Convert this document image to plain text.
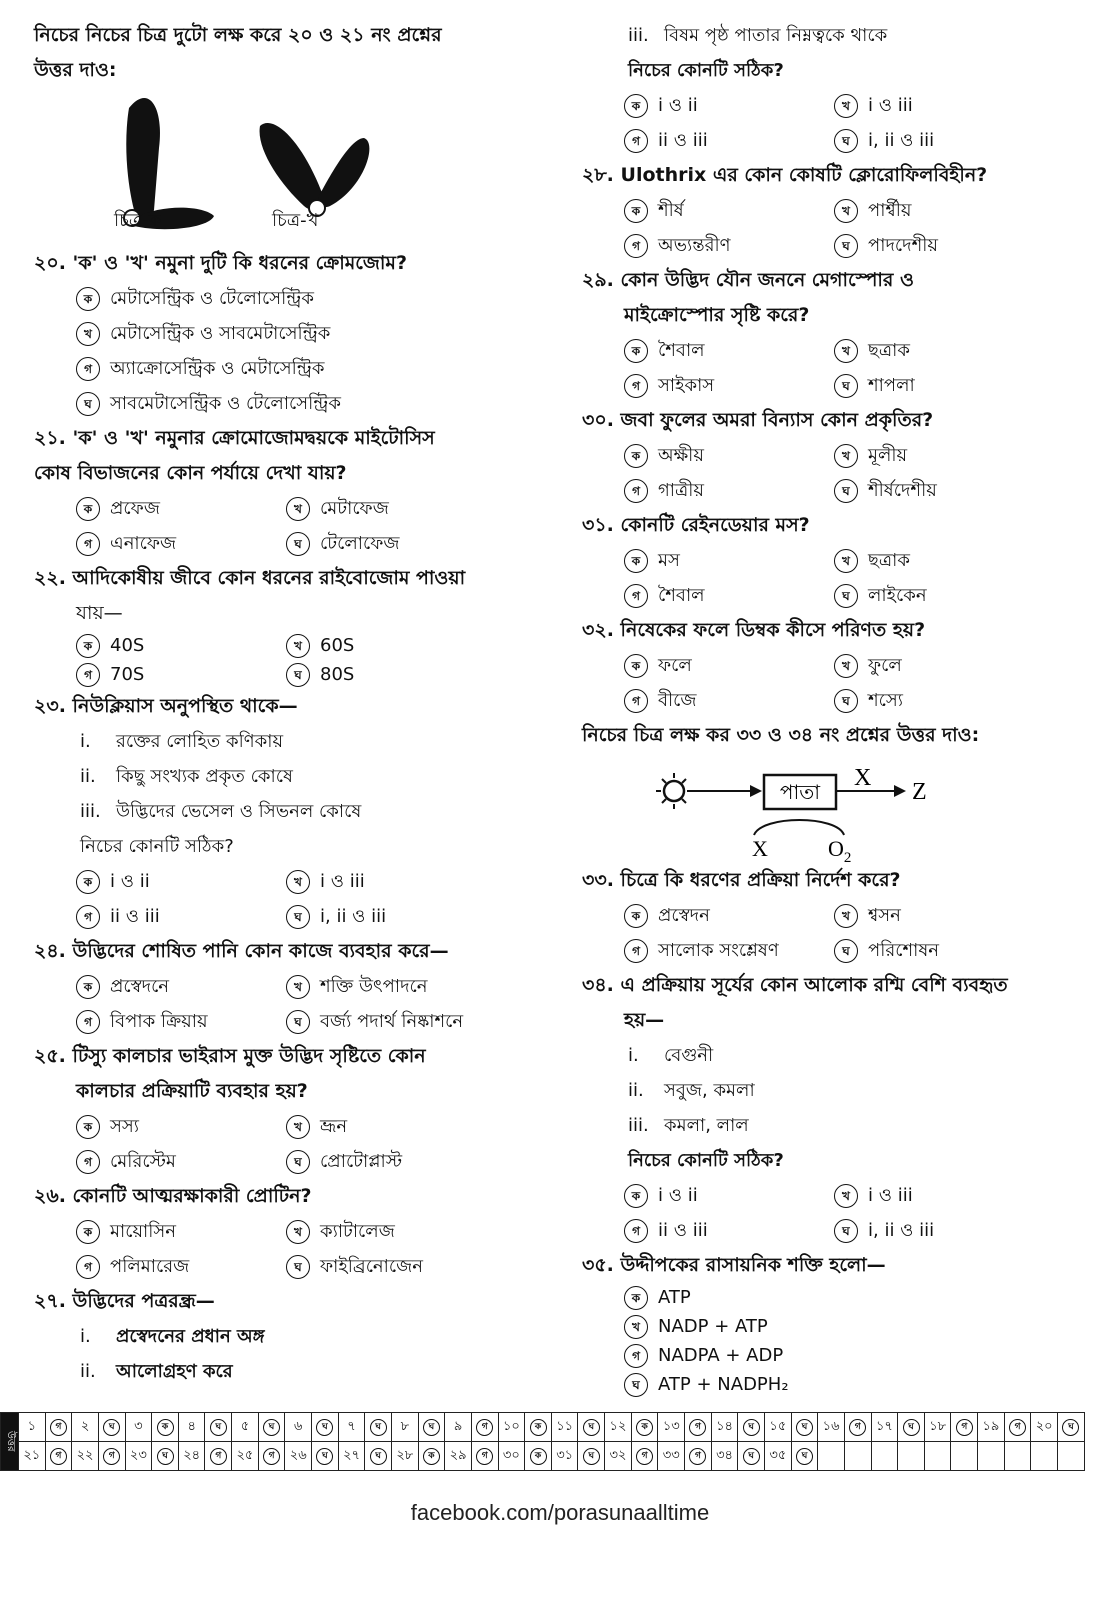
নিচের নিচের চিত্র দুটো লক্ষ করে ২০ ও ২১ নং প্রশ্নের
উত্তর দাও:
চিত্র-ক	চিত্র-খ
২০. 'ক' ও 'খ' নমুনা দুটি কি ধরনের ক্রোমজোম?
ক মেটাসেন্ট্রিক ও টেলোসেন্ট্রিক
খ মেটাসেন্ট্রিক ও সাবমেটাসেন্ট্রিক
গ অ্যাক্রোসেন্ট্রিক ও মেটাসেন্ট্রিক
ঘ সাবমেটাসেন্ট্রিক ও টেলোসেন্ট্রিক
২১. 'ক' ও 'খ' নমুনার ক্রোমোজোমদ্বয়কে মাইটোসিস
কোষ বিভাজনের কোন পর্যায়ে দেখা যায়?
ক প্রফেজ	খ মেটাফেজ
গ এনাফেজ	ঘ টেলোফেজ
২২. আদিকোষীয় জীবে কোন ধরনের রাইবোজোম পাওয়া
যায়—
ক 40S	খ 60S
গ 70S	ঘ 80S
২৩. নিউক্লিয়াস অনুপস্থিত থাকে—
i. রক্তের লোহিত কণিকায়
ii. কিছু সংখ্যক প্রকৃত কোষে
iii. উদ্ভিদের ভেসেল ও সিভনল কোষে
নিচের কোনটি সঠিক?
ক i ও ii	খ i ও iii
গ ii ও iii	ঘ i, ii ও iii
২৪. উদ্ভিদের শোষিত পানি কোন কাজে ব্যবহার করে—
ক প্রস্বেদনে	খ শক্তি উৎপাদনে
গ বিপাক ক্রিয়ায়	ঘ বর্জ্য পদার্থ নিষ্কাশনে
২৫. টিস্যু কালচার ভাইরাস মুক্ত উদ্ভিদ সৃষ্টিতে কোন
কালচার প্রক্রিয়াটি ব্যবহার হয়?
ক সস্য	খ ভ্রূন
গ মেরিস্টেম	ঘ প্রোটোপ্লাস্ট
২৬. কোনটি আত্মরক্ষাকারী প্রোটিন?
ক মায়োসিন	খ ক্যাটালেজ
গ পলিমারেজ	ঘ ফাইব্রিনোজেন
২৭. উদ্ভিদের পত্ররন্ধ্র—
i. প্রস্বেদনের প্রধান অঙ্গ
ii. আলোগ্রহণ করে
iii. বিষম পৃষ্ঠ পাতার নিম্নত্বকে থাকে
নিচের কোনটি সঠিক?
ক i ও ii	খ i ও iii
গ ii ও iii	ঘ i, ii ও iii
২৮. Ulothrix এর কোন কোষটি ক্লোরোফিলবিহীন?
ক শীর্ষ	খ পার্শ্বীয়
গ অভ্যন্তরীণ	ঘ পাদদেশীয়
২৯. কোন উদ্ভিদ যৌন জননে মেগাস্পোর ও
মাইক্রোস্পোর সৃষ্টি করে?
ক শৈবাল	খ ছত্রাক
গ সাইকাস	ঘ শাপলা
৩০. জবা ফুলের অমরা বিন্যাস কোন প্রকৃতির?
ক অক্ষীয়	খ মূলীয়
গ গাত্রীয়	ঘ শীর্ষদেশীয়
৩১. কোনটি রেইনডেয়ার মস?
ক মস	খ ছত্রাক
গ শৈবাল	ঘ লাইকেন
৩২. নিষেকের ফলে ডিম্বক কীসে পরিণত হয়?
ক ফলে	খ ফুলে
গ বীজে	ঘ শস্যে
নিচের চিত্র লক্ষ কর ৩৩ ও ৩৪ নং প্রশ্নের উত্তর দাও:
পাতা
X
Z
X	$O_2$
৩৩. চিত্রে কি ধরণের প্রক্রিয়া নির্দেশ করে?
ক প্রস্বেদন	খ শ্বসন
গ সালোক সংশ্লেষণ	ঘ পরিশোষন
৩৪. এ প্রক্রিয়ায় সূর্যের কোন আলোক রশ্মি বেশি ব্যবহৃত
হয়—
i. বেগুনী
ii. সবুজ, কমলা
iii. কমলা, লাল
নিচের কোনটি সঠিক?
ক i ও ii	খ i ও iii
গ ii ও iii	ঘ i, ii ও iii
৩৫. উদ্দীপকের রাসায়নিক শক্তি হলো—
ক ATP
খ NADP + ATP
গ NADPA + ADP
ঘ ATP + NADPH₂
উত্তর	১	গ	২	ঘ	৩	ক	৪	ঘ	৫	ঘ	৬	ঘ	৭	ঘ	৮	ঘ	৯	গ	১০	ক	১১	ঘ	১২	ক	১৩	গ	১৪	ঘ	১৫	ঘ	১৬	গ	১৭	ঘ	১৮	গ	১৯	গ	২০	ঘ
	২১	গ	২২	গ	২৩	ঘ	২৪	গ	২৫	গ	২৬	ঘ	২৭	ঘ	২৮	ক	২৯	গ	৩০	ক	৩১	ঘ	৩২	গ	৩৩	গ	৩৪	ঘ	৩৫	ঘ										
facebook.com/porasunaalltime
